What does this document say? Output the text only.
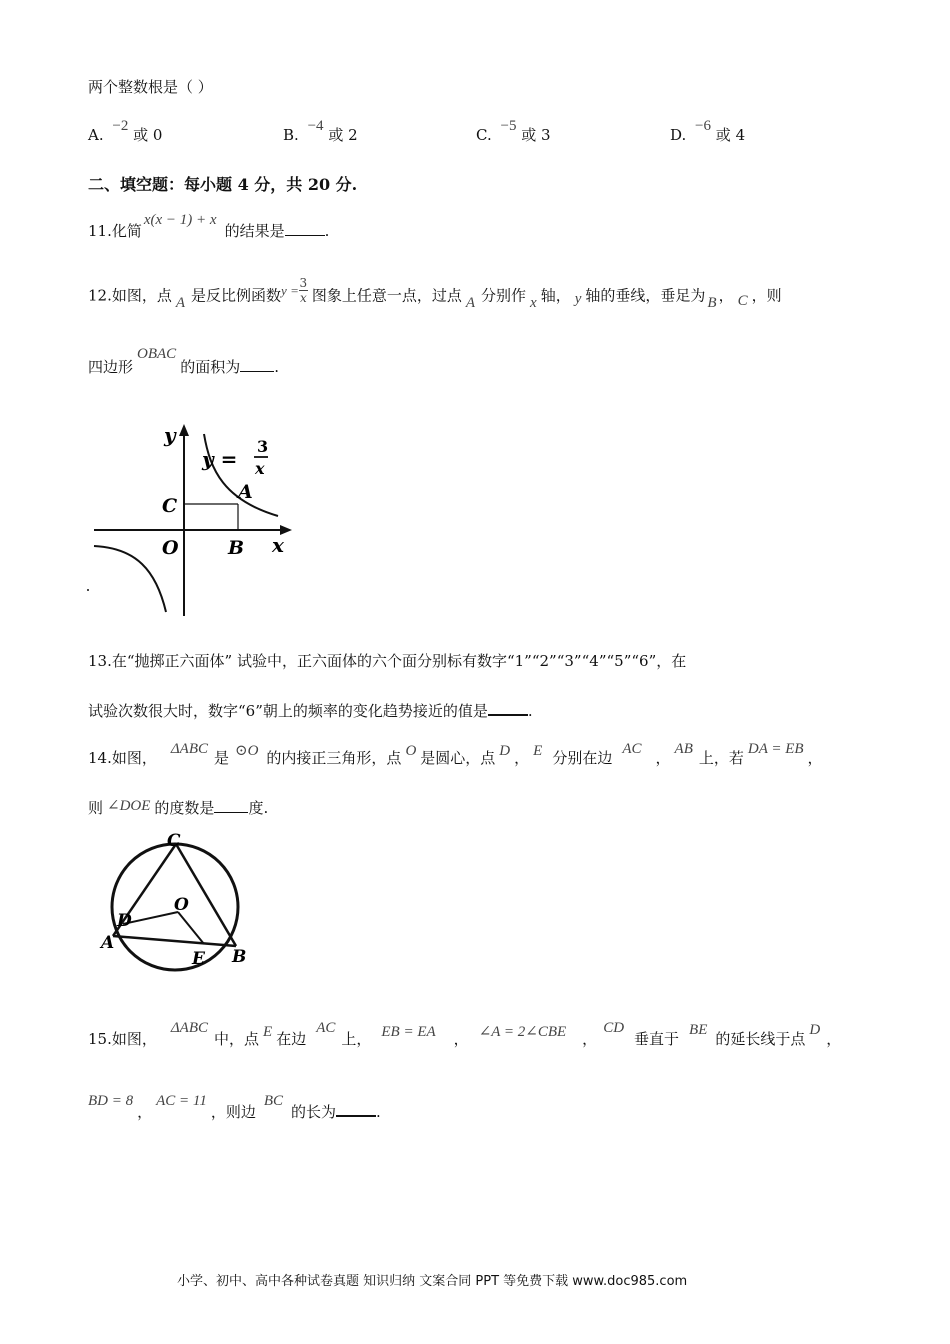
两个整数根是（ ）
A. −2 或 0	B. −4 或 2	C. −5 或 3	D. −6 或 4
二、填空题：每小题 4 分，共 20 分.
11.化简x(x − 1) + x的结果是	.
12.如图，点 A 是反比例函数$y = \frac{3}{x}$ 图象上任意一点，过点 A 分别作 x 轴， y 轴的垂线，垂足为 B ， C ，则
四边形OBAC的面积为 .
y
x
y =
3
x
A
C
O	B
13.在“抛掷正六面体” 试验中，正六面体的六个面分别标有数字“1”“2”“3”“4”“5”“6”，在
试验次数很大时，数字“6”朝上的频率的变化趋势接近的值是	.
14.如图， ΔABC 是 ⊙O 的内接正三角形，点 O 是圆心，点 D ， E 分别在边 AC ， AB 上，若 DA = EB ，
则 ∠DOE 的度数是 度.
C
O
D
A
E B
15.如图，ΔABC中，点 E 在边AC上， EB = EA ， ∠A = 2∠CBE ，CD垂直于 BE 的延长线于点 D ，
BD = 8，AC = 11，则边BC的长为	.
小学、初中、高中各种试卷真题 知识归纳 文案合同 PPT 等免费下载 www.doc985.com
